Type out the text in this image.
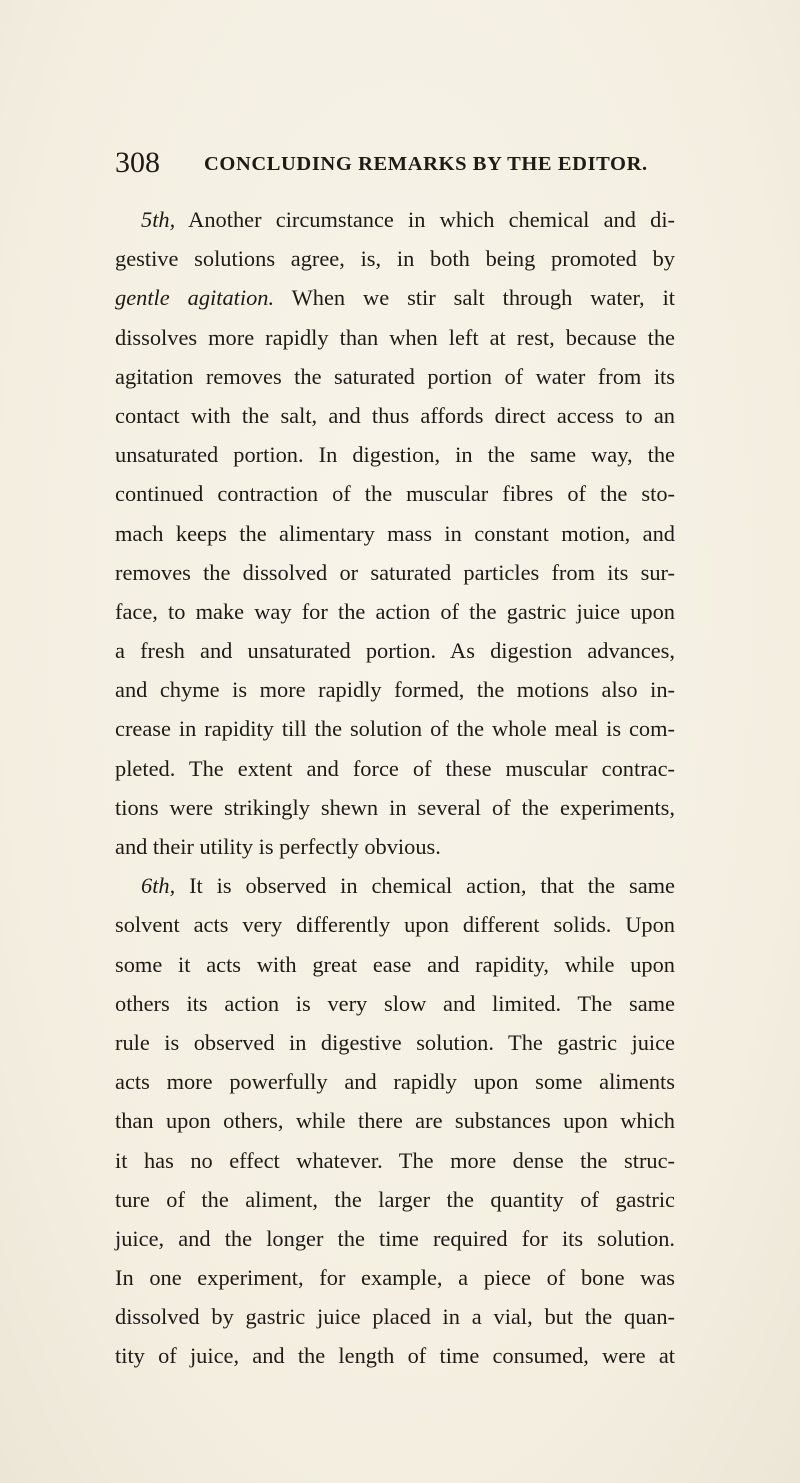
308 CONCLUDING REMARKS BY THE EDITOR.
5th, Another circumstance in which chemical and di-
gestive solutions agree, is, in both being promoted by
gentle agitation. When we stir salt through water, it
dissolves more rapidly than when left at rest, because the
agitation removes the saturated portion of water from its
contact with the salt, and thus affords direct access to an
unsaturated portion. In digestion, in the same way, the
continued contraction of the muscular fibres of the sto-
mach keeps the alimentary mass in constant motion, and
removes the dissolved or saturated particles from its sur-
face, to make way for the action of the gastric juice upon
a fresh and unsaturated portion. As digestion advances,
and chyme is more rapidly formed, the motions also in-
crease in rapidity till the solution of the whole meal is com-
pleted. The extent and force of these muscular contrac-
tions were strikingly shewn in several of the experiments,
and their utility is perfectly obvious.
6th, It is observed in chemical action, that the same
solvent acts very differently upon different solids. Upon
some it acts with great ease and rapidity, while upon
others its action is very slow and limited. The same
rule is observed in digestive solution. The gastric juice
acts more powerfully and rapidly upon some aliments
than upon others, while there are substances upon which
it has no effect whatever. The more dense the struc-
ture of the aliment, the larger the quantity of gastric
juice, and the longer the time required for its solution.
In one experiment, for example, a piece of bone was
dissolved by gastric juice placed in a vial, but the quan-
tity of juice, and the length of time consumed, were at
